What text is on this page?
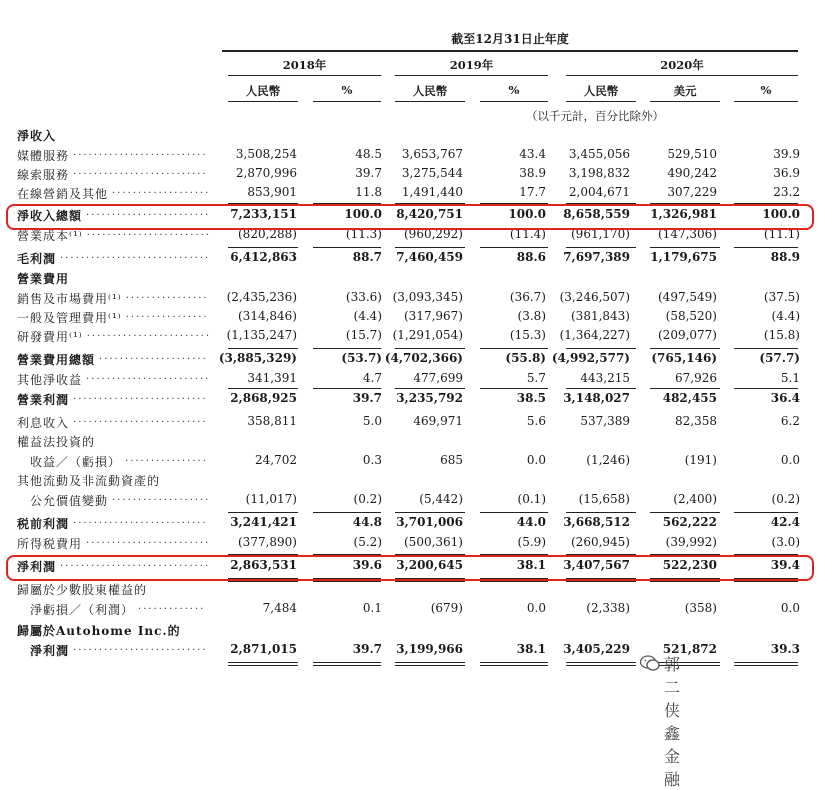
截至12月31日止年度
2018年	2019年	2020年
人民幣	%	人民幣	%	人民幣	美元	%
（以千元計，百分比除外）
淨收入
媒體服務	3,508,254	48.5 3,653,767	43.4 3,455,056	529,510	39.9
..........................
線索服務	2,870,996	39.7 3,275,544	38.9 3,198,832	490,242	36.9
..........................
在線營銷及其他	853,901	11.8 1,491,440	17.7 2,004,671	307,229	23.2
...................
淨收入總額	7,233,151	100.0 8,420,751	100.0 8,658,559 1,326,981	100.0
........................
營業成本⁽¹⁾	(820,288)	(11.3) (960,292)	(11.4) (961,170) (147,306)	(11.1)
........................
毛利潤	6,412,863	88.7 7,460,459	88.6 7,697,389 1,179,675	88.9
.............................
營業費用
銷售及市場費用⁽¹⁾	(2,435,236)	(33.6) (3,093,345)	(36.7) (3,246,507) (497,549)	(37.5)
................
一般及管理費用⁽¹⁾	(314,846)	(4.4) (317,967)	(3.8) (381,843)	(58,520)	(4.4)
................
研發費用⁽¹⁾	(1,135,247)	(15.7) (1,291,054)	(15.3) (1,364,227) (209,077)	(15.8)
........................
營業費用總額	(3,885,329)	(53.7) (4,702,366)	(55.8) (4,992,577) (765,146)	(57.7)
.....................
其他淨收益	341,391	4.7	477,699	5.7	443,215	67,926	5.1
........................
營業利潤	2,868,925	39.7 3,235,792	38.5 3,148,027	482,455	36.4
..........................
利息收入	358,811	5.0	469,971	5.6	537,389	82,358	6.2
..........................
權益法投資的
收益／（虧損）	24,702	0.3	685	0.0	(1,246)	(191)	0.0
................
其他流動及非流動資產的
公允價值變動	(11,017)	(0.2)	(5,442)	(0.1)	(15,658)	(2,400)	(0.2)
...................
税前利潤	3,241,421	44.8 3,701,006	44.0 3,668,512	562,222	42.4
..........................
所得税費用	(377,890)	(5.2) (500,361)	(5.9) (260,945)	(39,992)	(3.0)
........................
淨利潤	2,863,531	39.6 3,200,645	38.1 3,407,567	522,230	39.4
.............................
歸屬於少數股東權益的
淨虧損／（利潤）	7,484	0.1	(679)	0.0	(2,338)	(358)	0.0
.............
歸屬於Autohome Inc.的
淨利潤	2,871,015	39.7 3,199,966	38.1 3,405,229	521,872	39.3
..........................
郭二侠鑫金融
